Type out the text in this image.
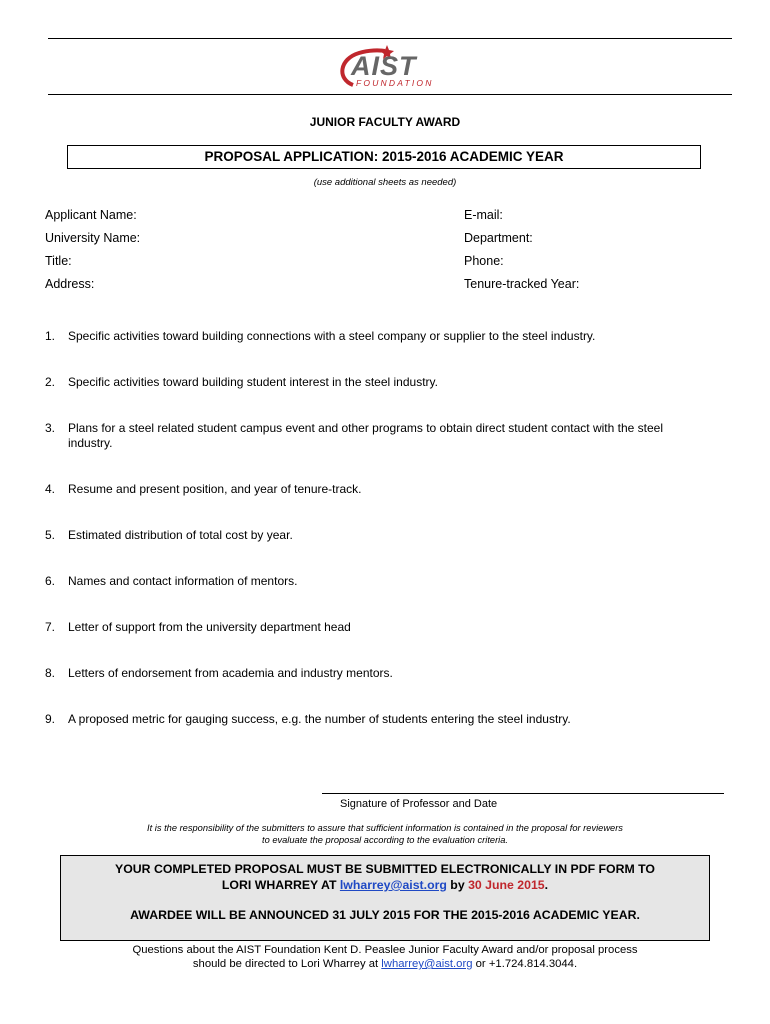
AIST
FOUNDATION
JUNIOR FACULTY AWARD
PROPOSAL APPLICATION: 2015-2016 ACADEMIC YEAR
(use additional sheets as needed)
Applicant Name:
University Name:
Title:
Address:
E-mail:
Department:
Phone:
Tenure-tracked Year:
1. Specific activities toward building connections with a steel company or supplier to the steel industry.
2. Specific activities toward building student interest in the steel industry.
3. Plans for a steel related student campus event and other programs to obtain direct student contact with the steel industry.
4. Resume and present position, and year of tenure-track.
5. Estimated distribution of total cost by year.
6. Names and contact information of mentors.
7. Letter of support from the university department head
8. Letters of endorsement from academia and industry mentors.
9. A proposed metric for gauging success, e.g. the number of students entering the steel industry.
Signature of Professor and Date
It is the responsibility of the submitters to assure that sufficient information is contained in the proposal for reviewers
to evaluate the proposal according to the evaluation criteria.
YOUR COMPLETED PROPOSAL MUST BE SUBMITTED ELECTRONICALLY IN PDF FORM TO
LORI WHARREY AT lwharrey@aist.org by 30 June 2015.
AWARDEE WILL BE ANNOUNCED 31 JULY 2015 FOR THE 2015-2016 ACADEMIC YEAR.
Questions about the AIST Foundation Kent D. Peaslee Junior Faculty Award and/or proposal process
should be directed to Lori Wharrey at lwharrey@aist.org or +1.724.814.3044.
